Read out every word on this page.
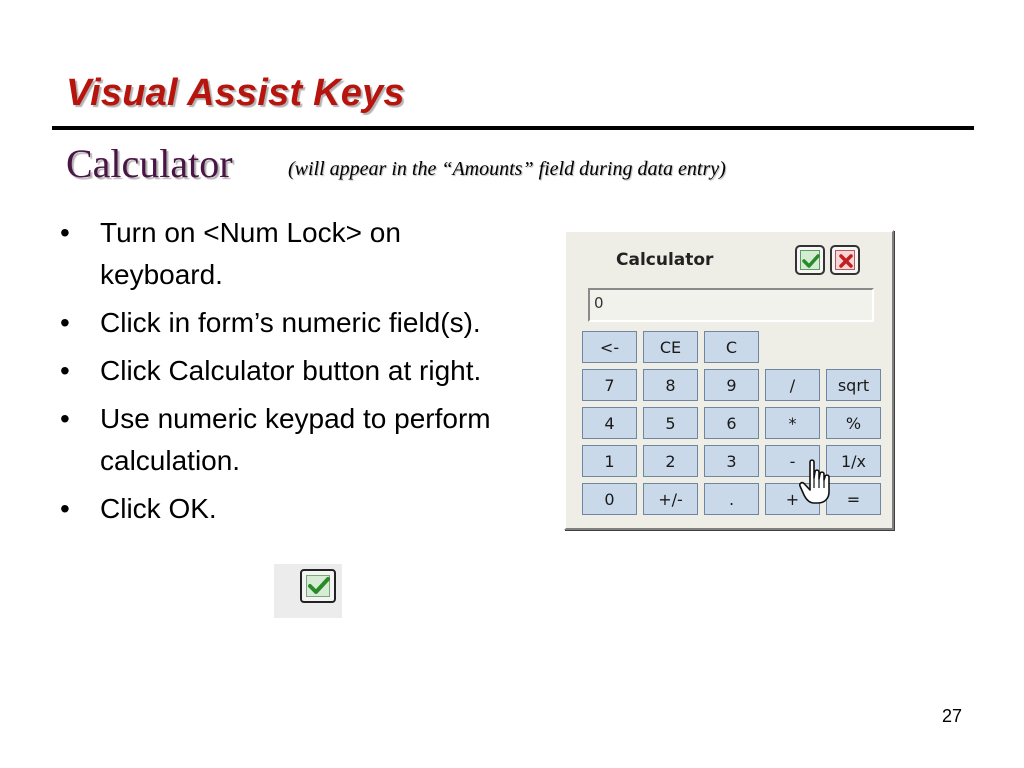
Visual Assist Keys
Calculator	(will appear in the “Amounts” field during data entry)
• Turn on <Num Lock> on keyboard.
• Click in form’s numeric field(s).
• Click Calculator button at right.
• Use numeric keypad to perform calculation.
• Click OK.
Calculator
0
<-	CE	C
7	8	9	/	sqrt
4	5	6	*	%
1	2	3	-	1/x
0	+/-	.	+	=
27
